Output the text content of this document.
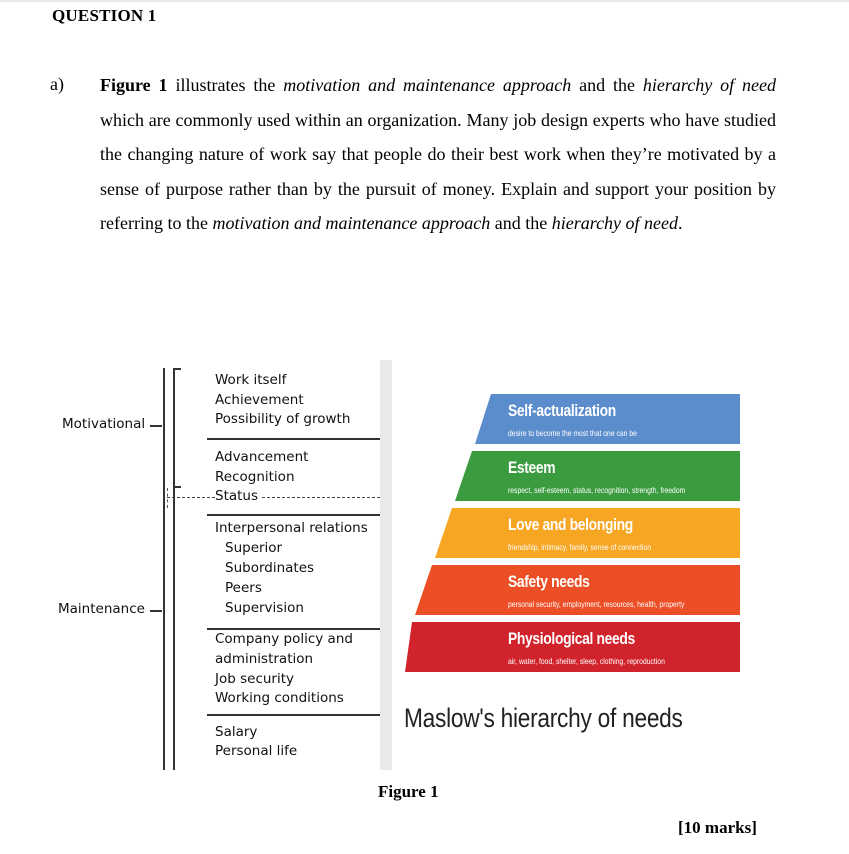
QUESTION 1
a) Figure 1 illustrates the motivation and maintenance approach and the hierarchy of need which are commonly used within an organization. Many job design experts who have studied the changing nature of work say that people do their best work when they’re motivated by a sense of purpose rather than by the pursuit of money. Explain and support your position by referring to the motivation and maintenance approach and the hierarchy of need.
Motivational
Maintenance
Work itself
Achievement
Possibility of growth
Advancement
Recognition
Status
Interpersonal relations
Superior
Subordinates
Peers
Supervision
Company policy and
administration
Job security
Working conditions
Salary
Personal life
Self-actualization
desire to become the most that one can be
Esteem
respect, self-esteem, status, recognition, strength, freedom
Love and belonging
friendship, intimacy, family, sense of connection
Safety needs
personal security, employment, resources, health, property
Physiological needs
air, water, food, shelter, sleep, clothing, reproduction
Maslow's hierarchy of needs
Figure 1
[10 marks]
